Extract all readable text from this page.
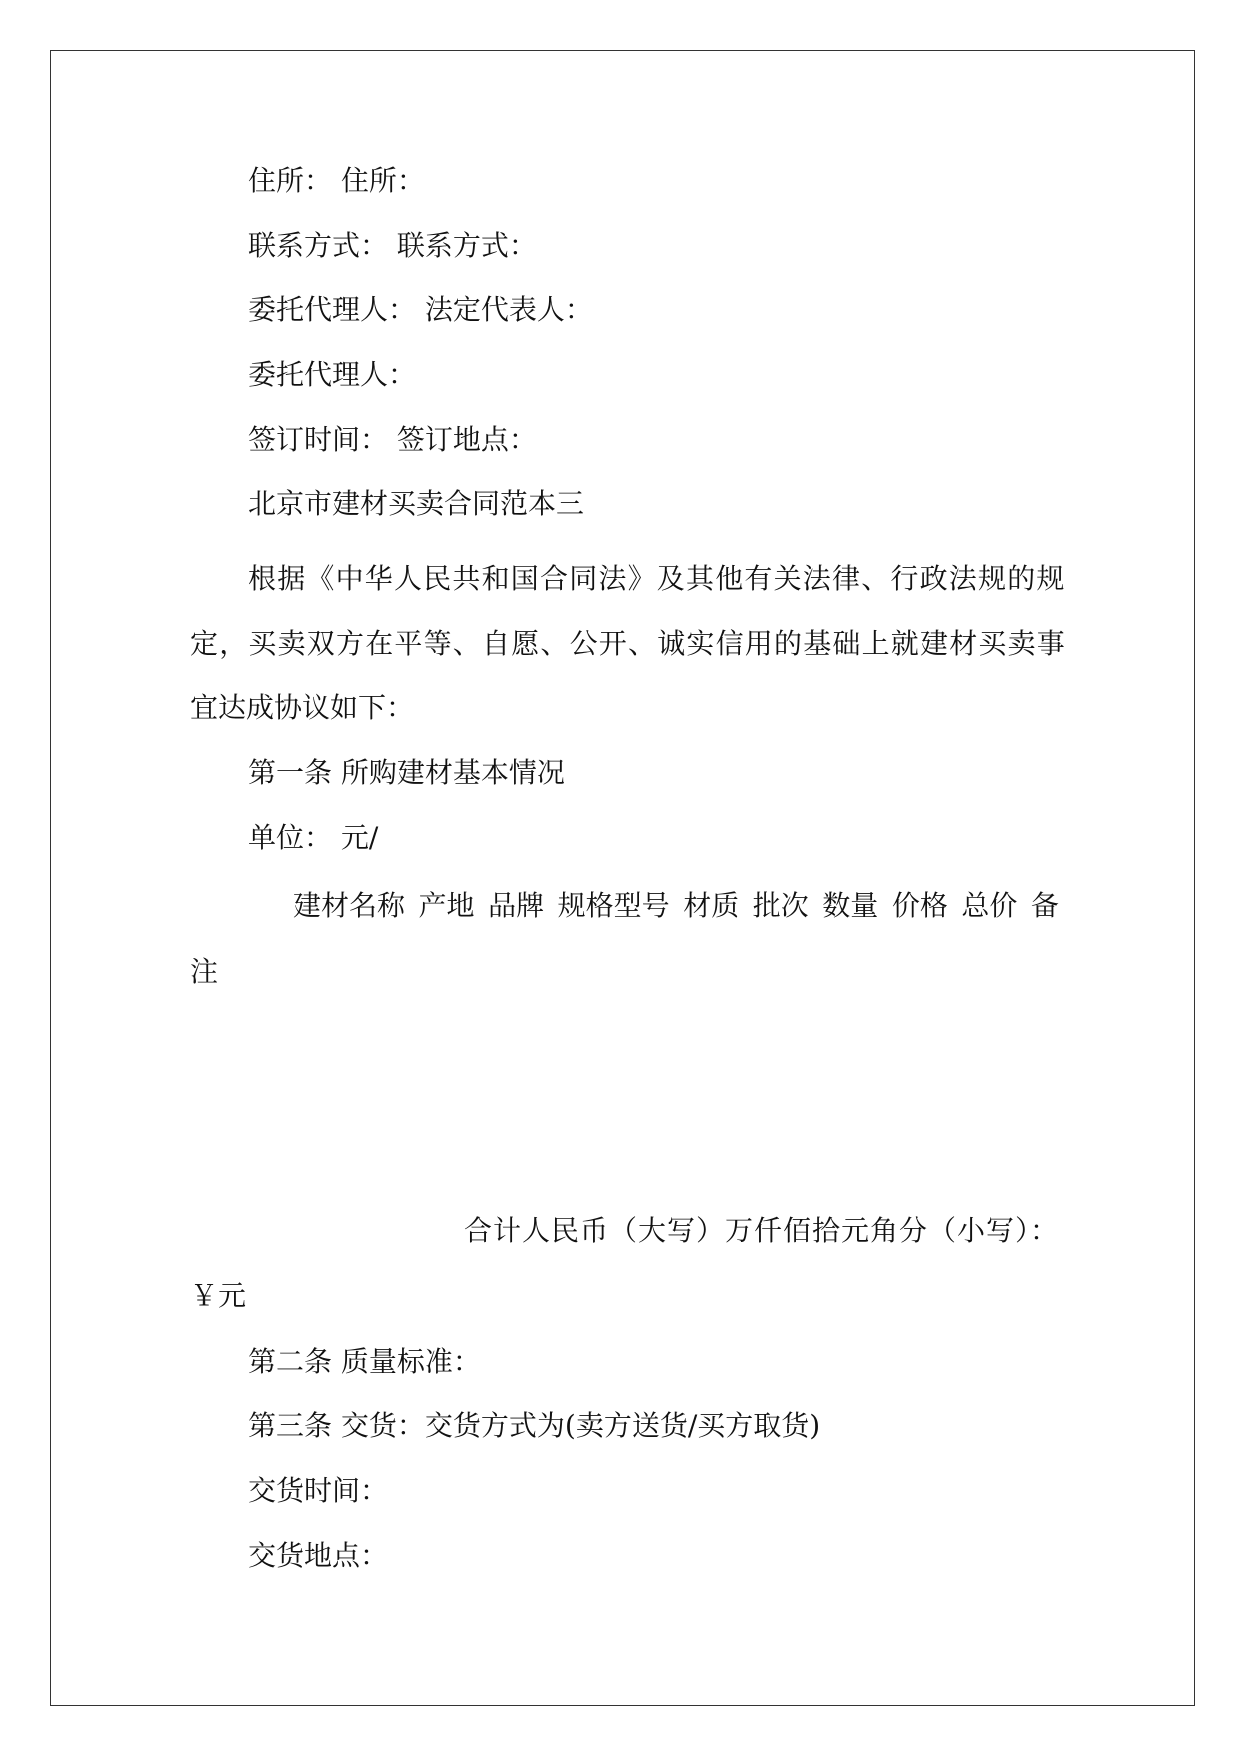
住所： 住所：
联系方式： 联系方式：
委托代理人： 法定代表人：
委托代理人：
签订时间： 签订地点：
北京市建材买卖合同范本三
根据《中华人民共和国合同法》及其他有关法律、行政法规的规
定，买卖双方在平等、自愿、公开、诚实信用的基础上就建材买卖事
宜达成协议如下：
第一条 所购建材基本情况
单位： 元/
建材名称 产地 品牌 规格型号 材质 批次 数量 价格 总价 备
注
合计人民币（大写）万仟佰拾元角分（小写）：
￥元
第二条 质量标准：
第三条 交货：交货方式为(卖方送货/买方取货)
交货时间：
交货地点：
